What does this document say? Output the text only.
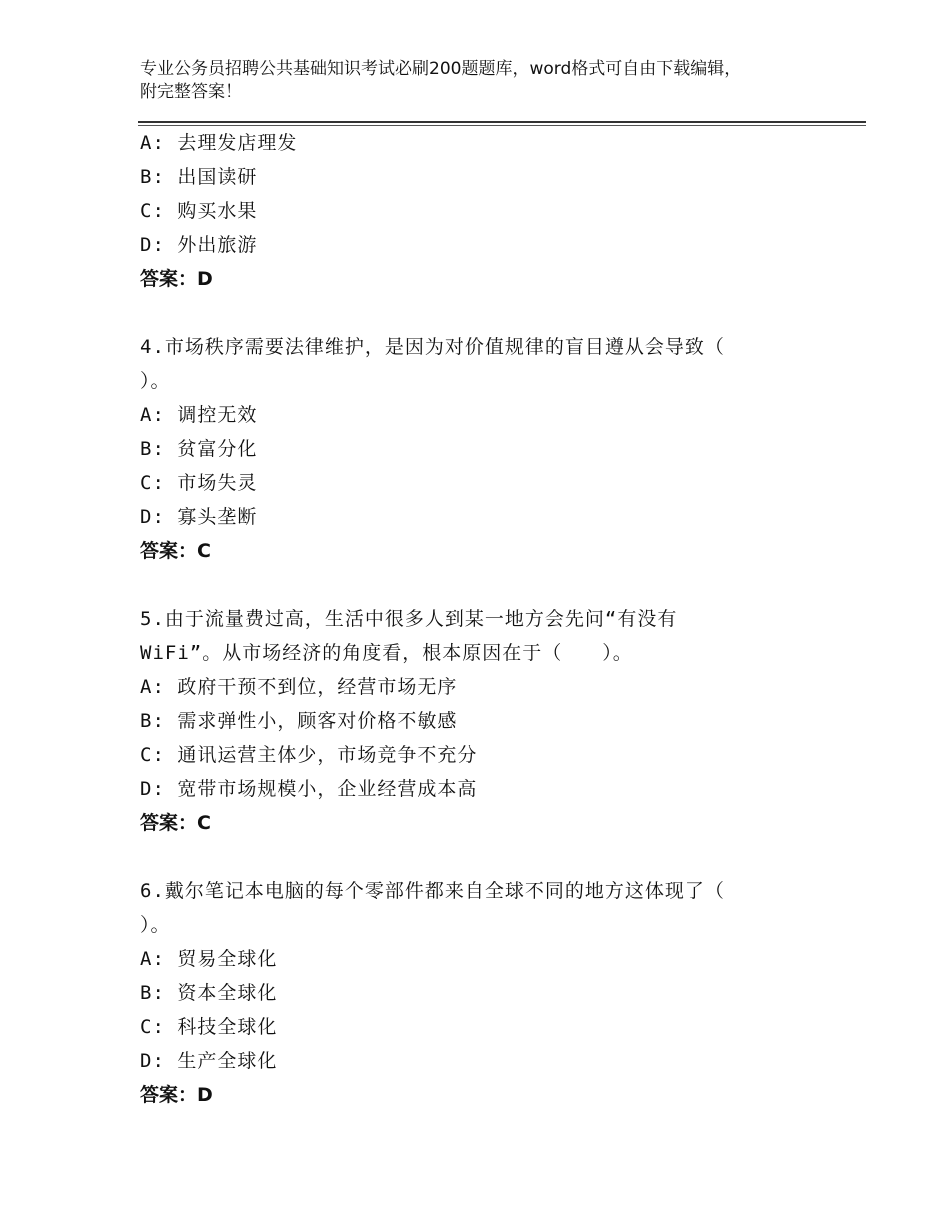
专业公务员招聘公共基础知识考试必刷200题题库，word格式可自由下载编辑，
附完整答案！
A: 去理发店理发
B: 出国读研
C: 购买水果
D: 外出旅游
答案：D
4.市场秩序需要法律维护，是因为对价值规律的盲目遵从会导致（
）。
A: 调控无效
B: 贫富分化
C: 市场失灵
D: 寡头垄断
答案：C
5.由于流量费过高，生活中很多人到某一地方会先问“有没有
WiFi”。从市场经济的角度看，根本原因在于（　　）。
A: 政府干预不到位，经营市场无序
B: 需求弹性小，顾客对价格不敏感
C: 通讯运营主体少，市场竞争不充分
D: 宽带市场规模小，企业经营成本高
答案：C
6.戴尔笔记本电脑的每个零部件都来自全球不同的地方这体现了（
）。
A: 贸易全球化
B: 资本全球化
C: 科技全球化
D: 生产全球化
答案：D
